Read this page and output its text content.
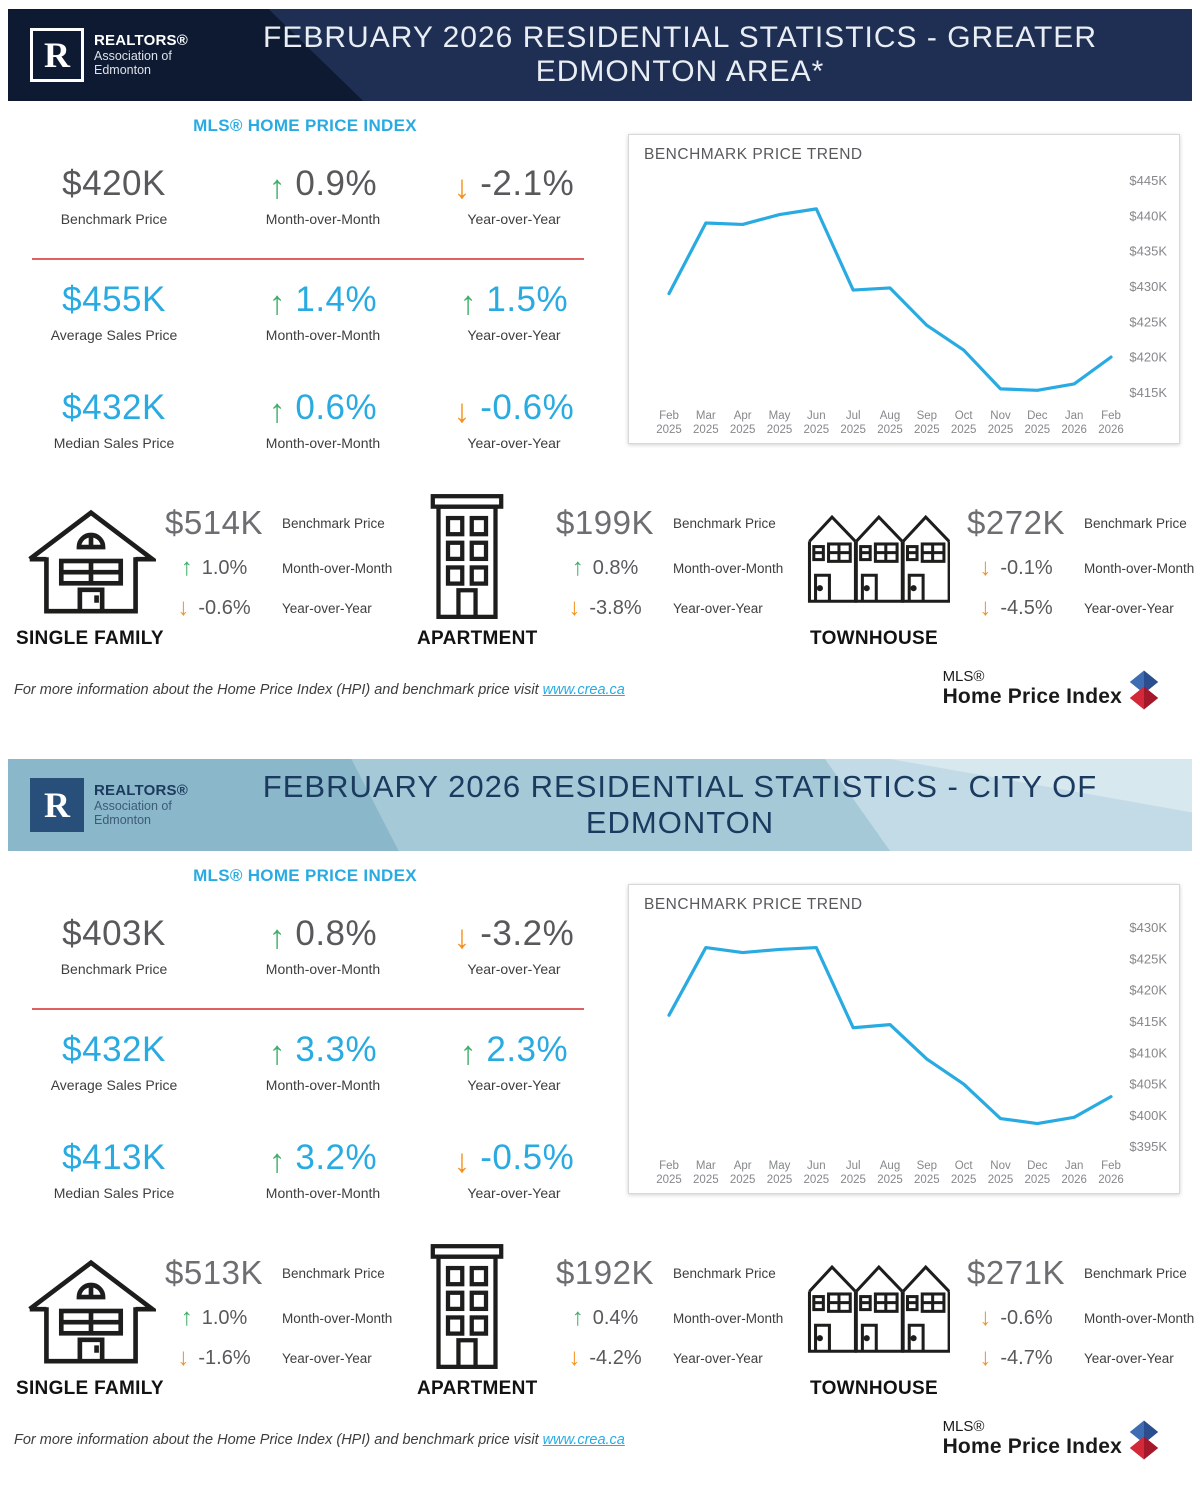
R	REALTORS®
Association of
Edmonton
FEBRUARY 2026 RESIDENTIAL STATISTICS - GREATER EDMONTON AREA*
MLS® HOME PRICE INDEX
$420K
Benchmark Price
↑ 0.9%
Month-over-Month
↓ -2.1%
Year-over-Year
$455K
Average Sales Price
↑ 1.4%
Month-over-Month
↑ 1.5%
Year-over-Year
$432K
Median Sales Price
↑ 0.6%
Month-over-Month
↓ -0.6%
Year-over-Year
BENCHMARK PRICE TREND
$445K
$440K
$435K
$430K
$425K
$420K
$415K
Feb
2025
Mar
2025
Apr
2025
May
2025
Jun
2025
Jul
2025
Aug
2025
Sep
2025
Oct
2025
Nov
2025
Dec
2025
Jan
2026
Feb
2026
SINGLE FAMILY
$514K Benchmark Price
↑ 1.0%	Month-over-Month
↓ -0.6% Year-over-Year
APARTMENT
$199K Benchmark Price
↑ 0.8%	Month-over-Month
↓ -3.8% Year-over-Year
TOWNHOUSE
$272K Benchmark Price
↓ -0.1% Month-over-Month
↓ -4.5% Year-over-Year

For more information about the Home Price Index (HPI) and benchmark price visit www.crea.ca

MLS®
Home Price Index
R	REALTORS®
Association of
Edmonton
FEBRUARY 2026 RESIDENTIAL STATISTICS - CITY OF EDMONTON
MLS® HOME PRICE INDEX
$403K
Benchmark Price
↑ 0.8%
Month-over-Month
↓ -3.2%
Year-over-Year
$432K
Average Sales Price
↑ 3.3%
Month-over-Month
↑ 2.3%
Year-over-Year
$413K
Median Sales Price
↑ 3.2%
Month-over-Month
↓ -0.5%
Year-over-Year
BENCHMARK PRICE TREND
$430K
$425K
$420K
$415K
$410K
$405K
$400K
$395K
Feb
2025
Mar
2025
Apr
2025
May
2025
Jun
2025
Jul
2025
Aug
2025
Sep
2025
Oct
2025
Nov
2025
Dec
2025
Jan
2026
Feb
2026
SINGLE FAMILY
$513K Benchmark Price
↑ 1.0%	Month-over-Month
↓ -1.6% Year-over-Year
APARTMENT
$192K Benchmark Price
↑ 0.4%	Month-over-Month
↓ -4.2% Year-over-Year
TOWNHOUSE
$271K Benchmark Price
↓ -0.6% Month-over-Month
↓ -4.7% Year-over-Year

For more information about the Home Price Index (HPI) and benchmark price visit www.crea.ca

MLS®
Home Price Index
